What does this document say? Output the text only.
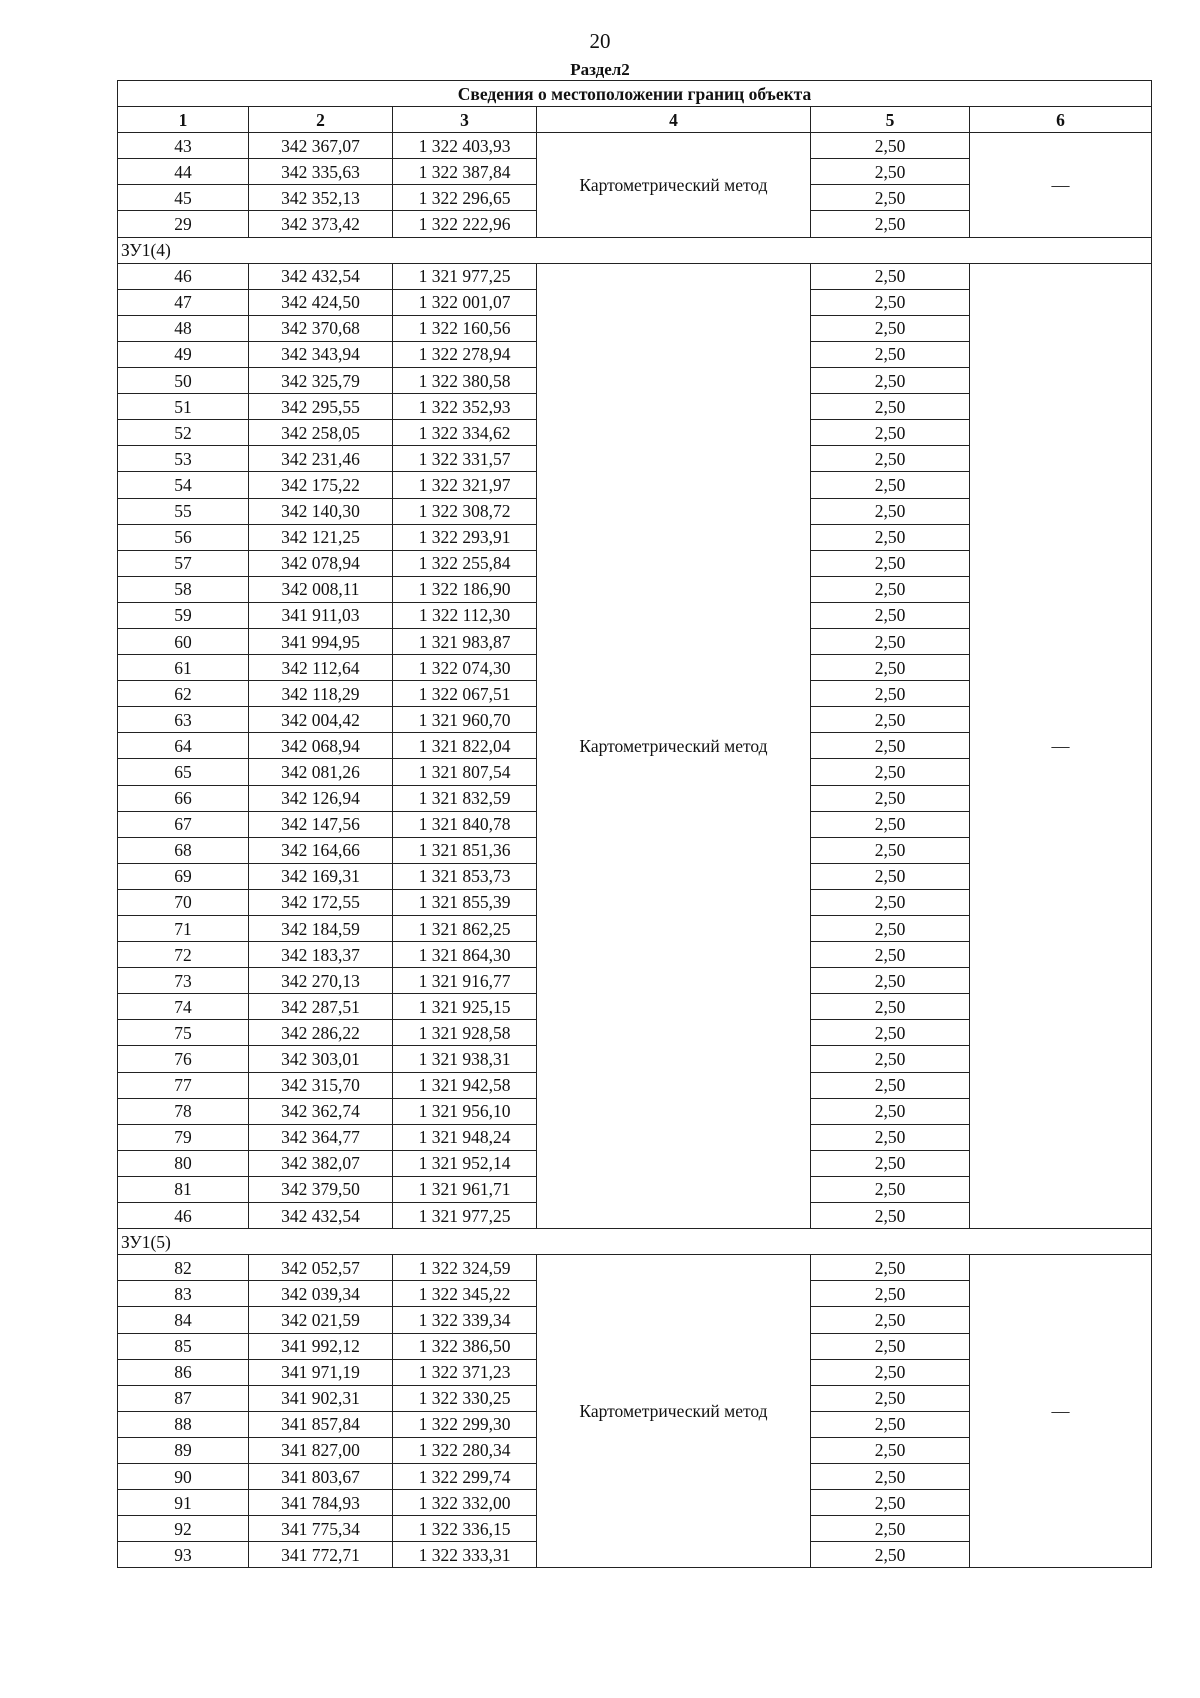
20
Раздел2
Сведения о местоположении границ объекта					
1	2	3	4	5	6
43	342 367,07	1 322 403,93	Картометрический метод	2,50	—
44	342 335,63	1 322 387,84		2,50	
45	342 352,13	1 322 296,65		2,50	
29	342 373,42	1 322 222,96		2,50	
ЗУ1(4)					
46	342 432,54	1 321 977,25	Картометрический метод	2,50	—
47	342 424,50	1 322 001,07		2,50	
48	342 370,68	1 322 160,56		2,50	
49	342 343,94	1 322 278,94		2,50	
50	342 325,79	1 322 380,58		2,50	
51	342 295,55	1 322 352,93		2,50	
52	342 258,05	1 322 334,62		2,50	
53	342 231,46	1 322 331,57		2,50	
54	342 175,22	1 322 321,97		2,50	
55	342 140,30	1 322 308,72		2,50	
56	342 121,25	1 322 293,91		2,50	
57	342 078,94	1 322 255,84		2,50	
58	342 008,11	1 322 186,90		2,50	
59	341 911,03	1 322 112,30		2,50	
60	341 994,95	1 321 983,87		2,50	
61	342 112,64	1 322 074,30		2,50	
62	342 118,29	1 322 067,51		2,50	
63	342 004,42	1 321 960,70		2,50	
64	342 068,94	1 321 822,04		2,50	
65	342 081,26	1 321 807,54		2,50	
66	342 126,94	1 321 832,59		2,50	
67	342 147,56	1 321 840,78		2,50	
68	342 164,66	1 321 851,36		2,50	
69	342 169,31	1 321 853,73		2,50	
70	342 172,55	1 321 855,39		2,50	
71	342 184,59	1 321 862,25		2,50	
72	342 183,37	1 321 864,30		2,50	
73	342 270,13	1 321 916,77		2,50	
74	342 287,51	1 321 925,15		2,50	
75	342 286,22	1 321 928,58		2,50	
76	342 303,01	1 321 938,31		2,50	
77	342 315,70	1 321 942,58		2,50	
78	342 362,74	1 321 956,10		2,50	
79	342 364,77	1 321 948,24		2,50	
80	342 382,07	1 321 952,14		2,50	
81	342 379,50	1 321 961,71		2,50	
46	342 432,54	1 321 977,25		2,50	
ЗУ1(5)					
82	342 052,57	1 322 324,59	Картометрический метод	2,50	—
83	342 039,34	1 322 345,22		2,50	
84	342 021,59	1 322 339,34		2,50	
85	341 992,12	1 322 386,50		2,50	
86	341 971,19	1 322 371,23		2,50	
87	341 902,31	1 322 330,25		2,50	
88	341 857,84	1 322 299,30		2,50	
89	341 827,00	1 322 280,34		2,50	
90	341 803,67	1 322 299,74		2,50	
91	341 784,93	1 322 332,00		2,50	
92	341 775,34	1 322 336,15		2,50	
93	341 772,71	1 322 333,31		2,50	
